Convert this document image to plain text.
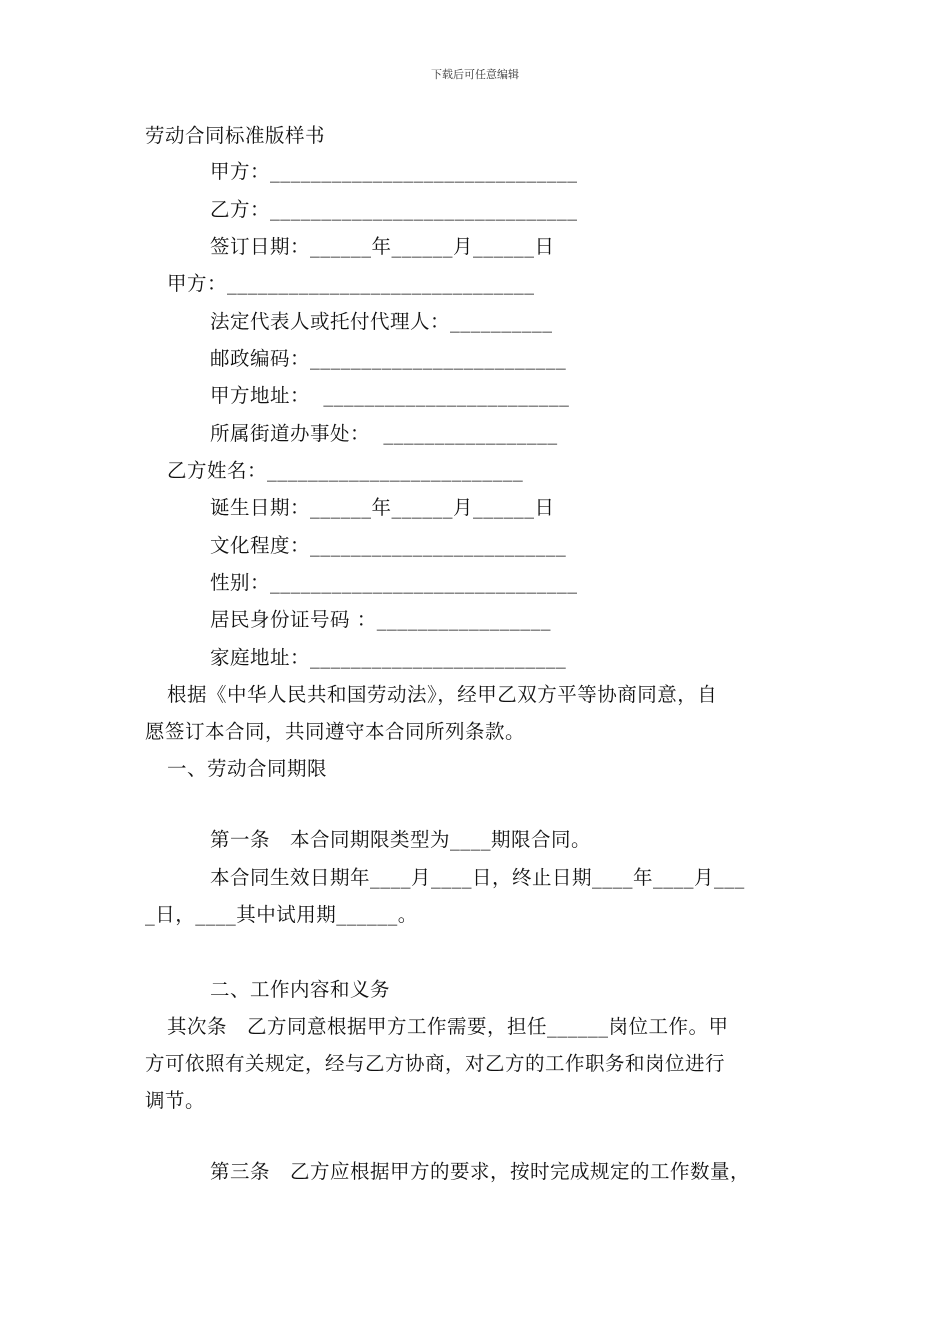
下载后可任意编辑
劳动合同标准版样书
甲方：______________________________
乙方：______________________________
签订日期：______年______月______日
甲方：______________________________
法定代表人或托付代理人：__________
邮政编码：_________________________
甲方地址：  ________________________
所属街道办事处：  _________________
乙方姓名：_________________________
诞生日期：______年______月______日
文化程度：_________________________
性别：______________________________
居民身份证号码 ：_________________
家庭地址：_________________________
根据《中华人民共和国劳动法》，经甲乙双方平等协商同意，自
愿签订本合同，共同遵守本合同所列条款。
一、劳动合同期限
第一条　本合同期限类型为____期限合同。
本合同生效日期年____月____日，终止日期____年____月___
_日，____其中试用期______。
二、工作内容和义务
其次条　乙方同意根据甲方工作需要，担任______岗位工作。甲
方可依照有关规定，经与乙方协商，对乙方的工作职务和岗位进行
调节。
第三条　乙方应根据甲方的要求，按时完成规定的工作数量，
